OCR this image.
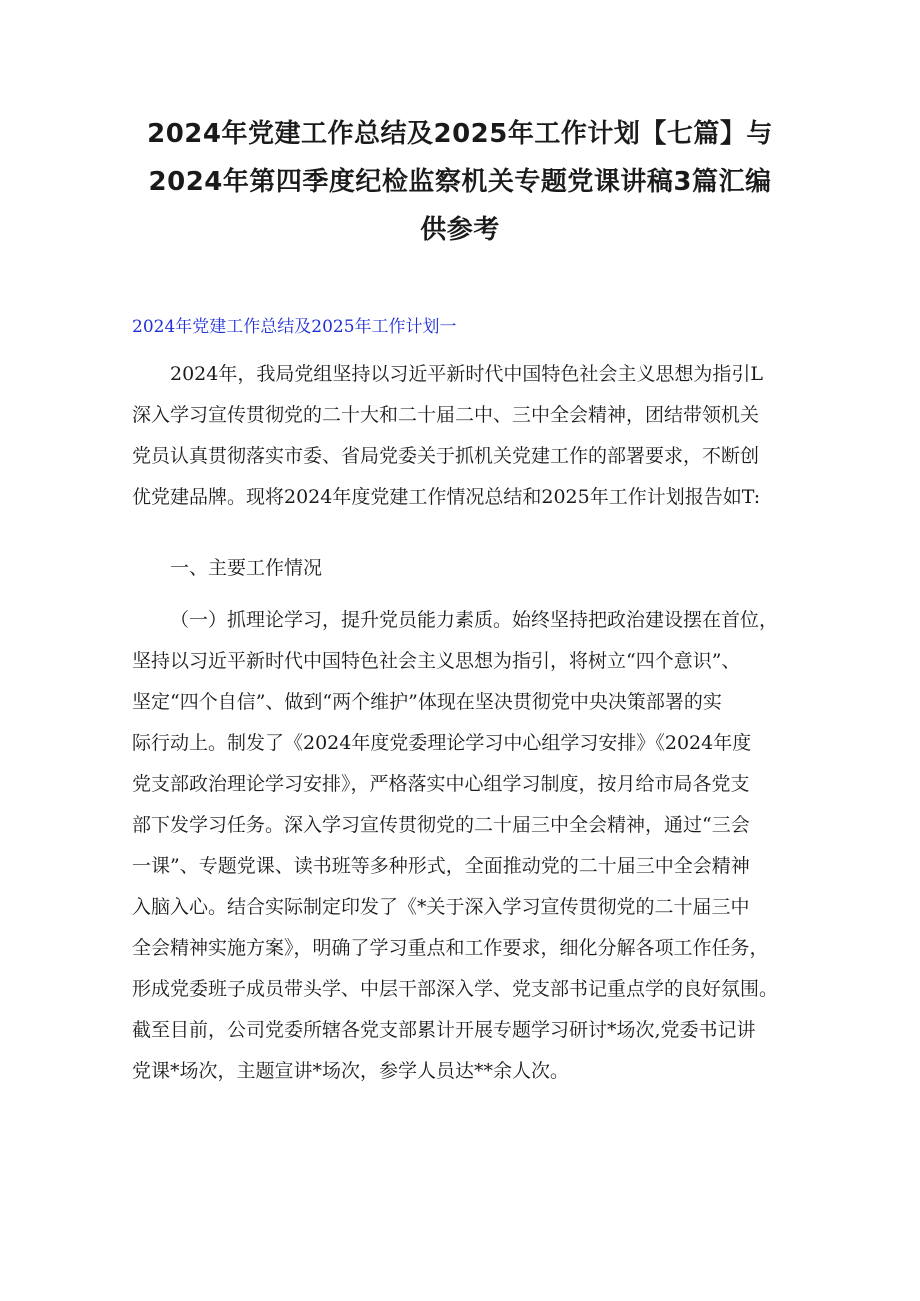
2024年党建工作总结及2025年工作计划【七篇】与
2024年第四季度纪检监察机关专题党课讲稿3篇汇编
供参考
2024年党建工作总结及2025年工作计划一
2024年，我局党组坚持以习近平新时代中国特色社会主义思想为指引L
深入学习宣传贯彻党的二十大和二十届二中、三中全会精神，团结带领机关
党员认真贯彻落实市委、省局党委关于抓机关党建工作的部署要求，不断创
优党建品牌。现将2024年度党建工作情况总结和2025年工作计划报告如T:
一、主要工作情况
（一）抓理论学习，提升党员能力素质。始终坚持把政治建设摆在首位，
坚持以习近平新时代中国特色社会主义思想为指引，将树立“四个意识”、
坚定“四个自信”、做到“两个维护”体现在坚决贯彻党中央决策部署的实
际行动上。制发了《2024年度党委理论学习中心组学习安排》《2024年度
党支部政治理论学习安排》，严格落实中心组学习制度，按月给市局各党支
部下发学习任务。深入学习宣传贯彻党的二十届三中全会精神，通过“三会
一课”、专题党课、读书班等多种形式，全面推动党的二十届三中全会精神
入脑入心。结合实际制定印发了《*关于深入学习宣传贯彻党的二十届三中
全会精神实施方案》，明确了学习重点和工作要求，细化分解各项工作任务，
形成党委班子成员带头学、中层干部深入学、党支部书记重点学的良好氛围。
截至目前，公司党委所辖各党支部累计开展专题学习研讨*场次,党委书记讲
党课*场次，主题宣讲*场次，参学人员达**余人次。
